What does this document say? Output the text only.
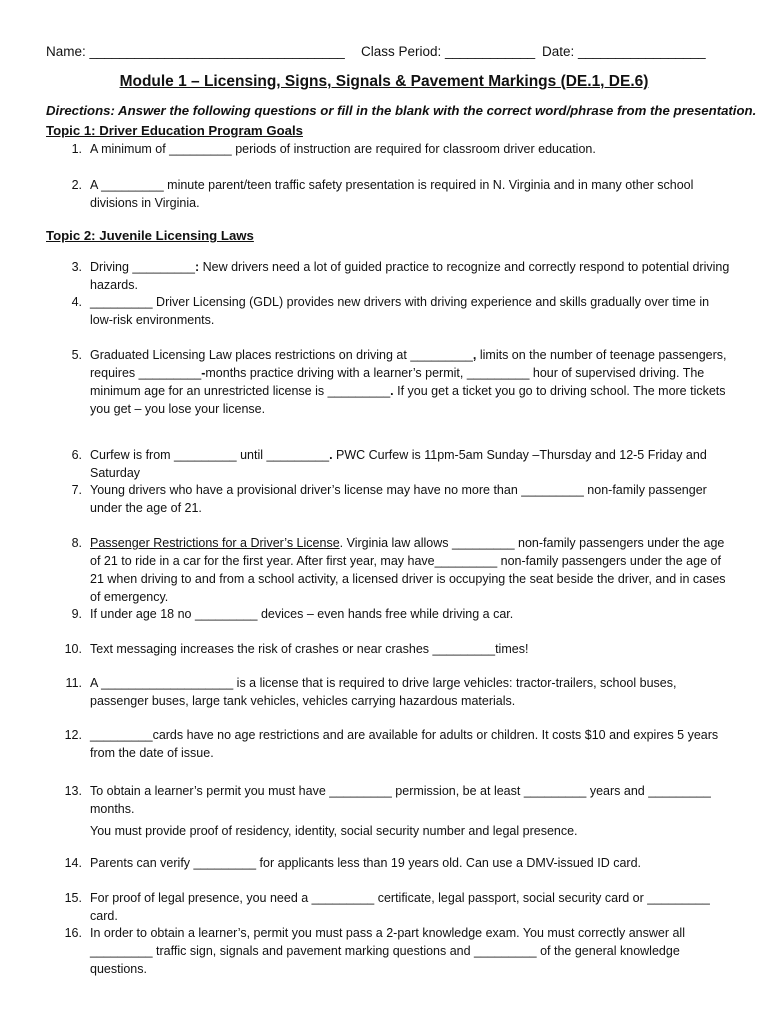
Name: __________________________________ Class Period: ____________ Date: _________________
Module 1 – Licensing, Signs, Signals & Pavement Markings (DE.1, DE.6)
Directions: Answer the following questions or fill in the blank with the correct word/phrase from the presentation.
Topic 1: Driver Education Program Goals
1. A minimum of _________ periods of instruction are required for classroom driver education.
2. A _________ minute parent/teen traffic safety presentation is required in N. Virginia and in many other school divisions in Virginia.
Topic 2: Juvenile Licensing Laws
3. Driving _________: New drivers need a lot of guided practice to recognize and correctly respond to potential driving hazards.
4. _________ Driver Licensing (GDL) provides new drivers with driving experience and skills gradually over time in low-risk environments.
5. Graduated Licensing Law places restrictions on driving at _________, limits on the number of teenage passengers, requires _________-months practice driving with a learner’s permit, _________ hour of supervised driving. The minimum age for an unrestricted license is _________. If you get a ticket you go to driving school. The more tickets you get – you lose your license.
6. Curfew is from _________ until _________. PWC Curfew is 11pm-5am Sunday –Thursday and 12-5 Friday and Saturday
7. Young drivers who have a provisional driver’s license may have no more than _________ non-family passenger under the age of 21.
8. Passenger Restrictions for a Driver’s License. Virginia law allows _________ non-family passengers under the age of 21 to ride in a car for the first year. After first year, may have_________ non-family passengers under the age of 21 when driving to and from a school activity, a licensed driver is occupying the seat beside the driver, and in cases of emergency.
9. If under age 18 no _________ devices – even hands free while driving a car.
10. Text messaging increases the risk of crashes or near crashes _________times!
11. A ___________________ is a license that is required to drive large vehicles: tractor-trailers, school buses, passenger buses, large tank vehicles, vehicles carrying hazardous materials.
12. _________cards have no age restrictions and are available for adults or children. It costs $10 and expires 5 years from the date of issue.
13. To obtain a learner’s permit you must have _________ permission, be at least _________ years and _________ months.
You must provide proof of residency, identity, social security number and legal presence.
14. Parents can verify _________ for applicants less than 19 years old. Can use a DMV-issued ID card.
15. For proof of legal presence, you need a _________ certificate, legal passport, social security card or _________ card.
16. In order to obtain a learner’s, permit you must pass a 2-part knowledge exam. You must correctly answer all _________ traffic sign, signals and pavement marking questions and _________ of the general knowledge questions.
